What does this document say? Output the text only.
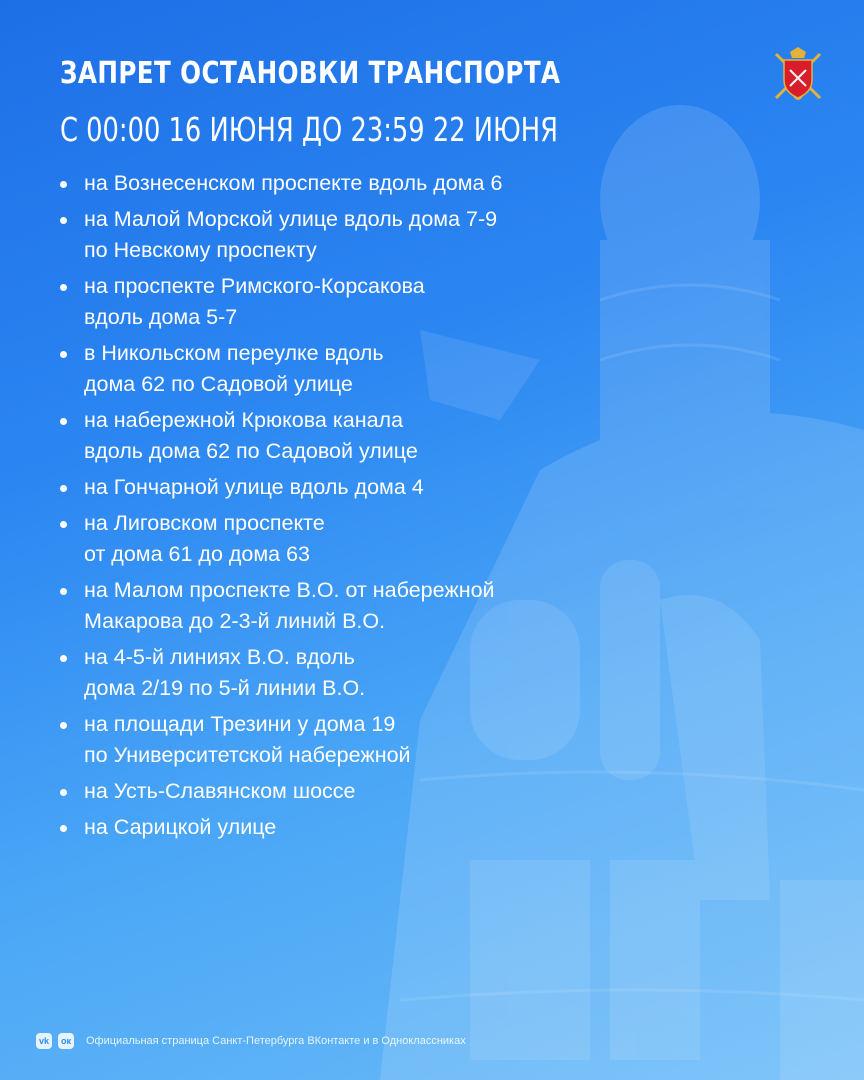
ЗАПРЕТ ОСТАНОВКИ ТРАНСПОРТА
С 00:00 16 ИЮНЯ ДО 23:59 22 ИЮНЯ
на Вознесенском проспекте вдоль дома 6
на Малой Морской улице вдоль дома 7-9
по Невскому проспекту
на проспекте Римского-Корсакова
вдоль дома 5-7
в Никольском переулке вдоль
дома 62 по Садовой улице
на набережной Крюкова канала
вдоль дома 62 по Садовой улице
на Гончарной улице вдоль дома 4
на Лиговском проспекте
от дома 61 до дома 63
на Малом проспекте В.О. от набережной
Макарова до 2-3-й линий В.О.
на 4-5-й линиях В.О. вдоль
дома 2/19 по 5-й линии В.О.
на площади Трезини у дома 19
по Университетской набережной
на Усть-Славянском шоссе
на Сарицкой улице
vk	ок Официальная страница Санкт-Петербурга ВКонтакте и в Одноклассниках
